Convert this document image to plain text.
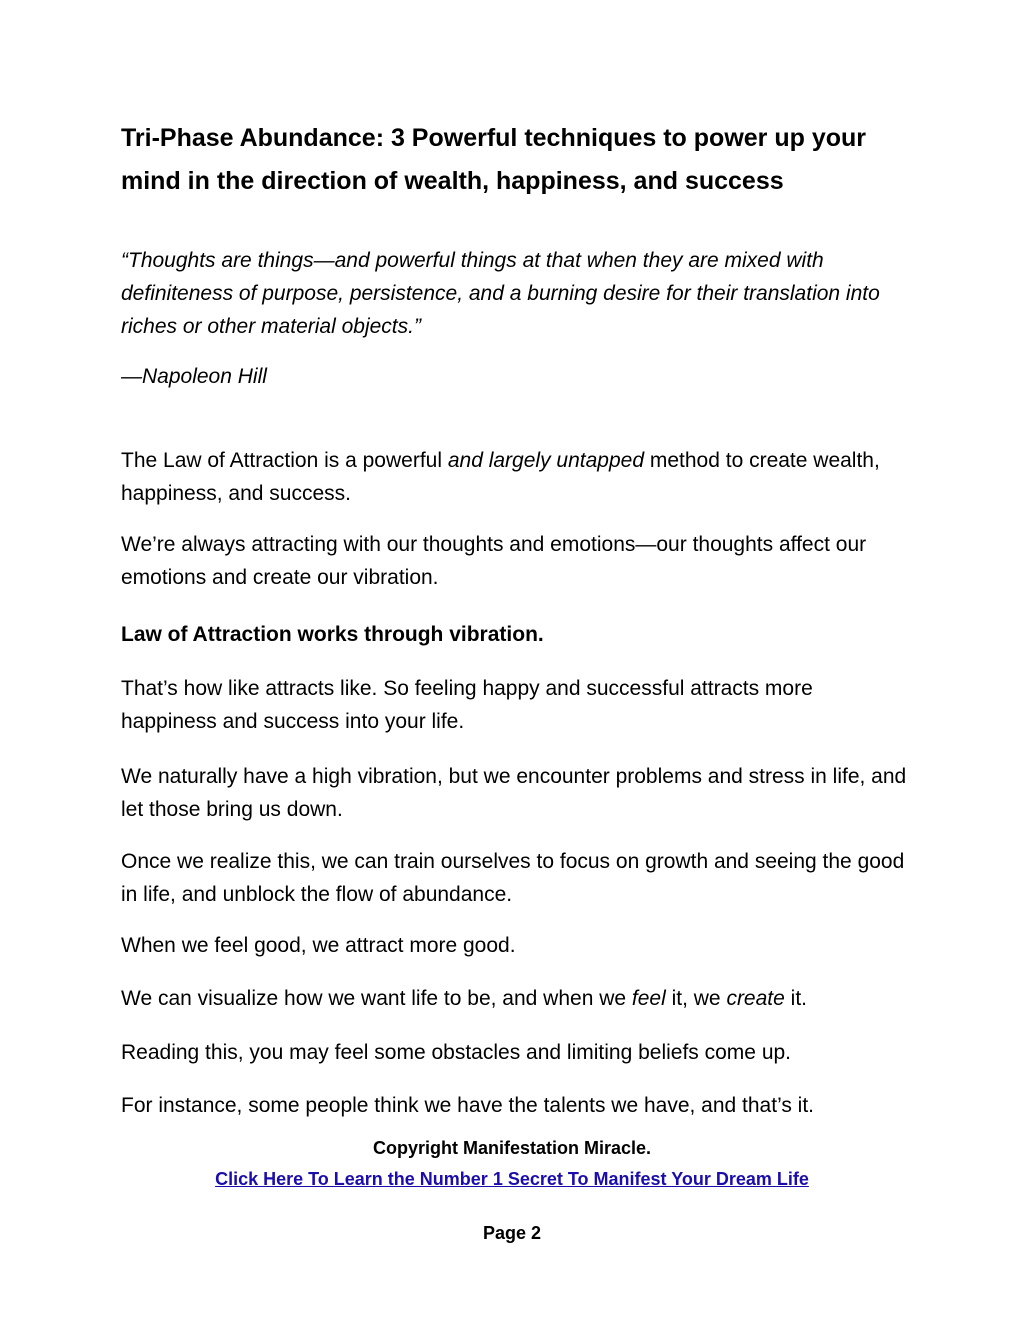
Tri-Phase Abundance: 3 Powerful techniques to power up your mind in the direction of wealth, happiness, and success

“Thoughts are things—and powerful things at that when they are mixed with definiteness of purpose, persistence, and a burning desire for their translation into riches or other material objects.”

—Napoleon Hill

The Law of Attraction is a powerful and largely untapped method to create wealth, happiness, and success.

We’re always attracting with our thoughts and emotions—our thoughts affect our emotions and create our vibration.

Law of Attraction works through vibration.

That’s how like attracts like. So feeling happy and successful attracts more happiness and success into your life.

We naturally have a high vibration, but we encounter problems and stress in life, and let those bring us down.

Once we realize this, we can train ourselves to focus on growth and seeing the good in life, and unblock the flow of abundance.

When we feel good, we attract more good.

We can visualize how we want life to be, and when we feel it, we create it.

Reading this, you may feel some obstacles and limiting beliefs come up.

For instance, some people think we have the talents we have, and that’s it.

Copyright Manifestation Miracle.
Click Here To Learn the Number 1 Secret To Manifest Your Dream Life
Page 2
